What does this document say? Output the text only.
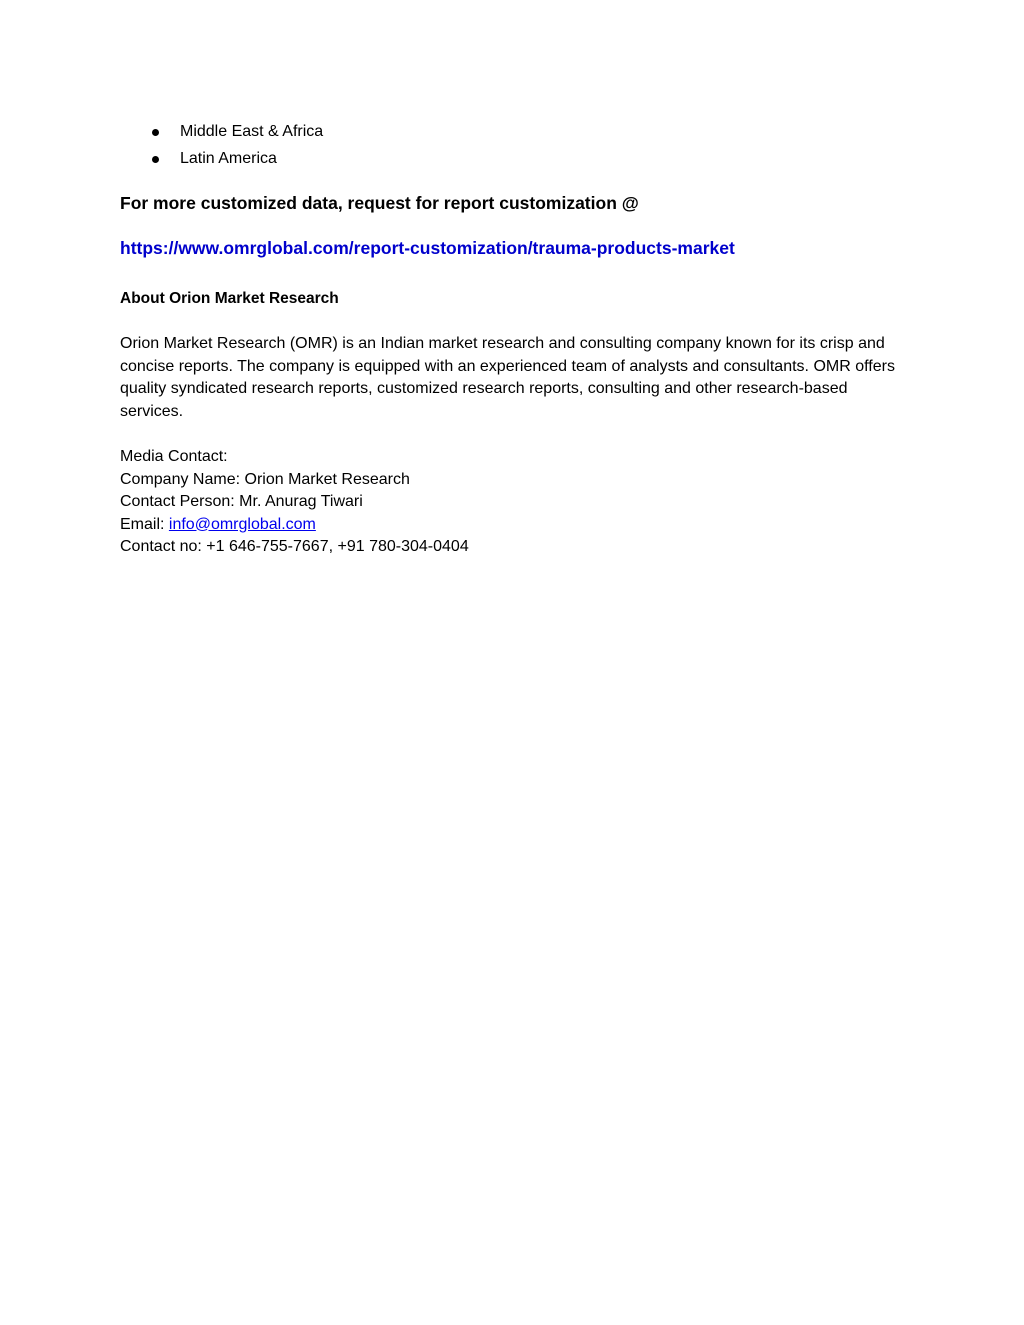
Middle East & Africa
Latin America

For more customized data, request for report customization @

https://www.omrglobal.com/report-customization/trauma-products-market

About Orion Market Research

Orion Market Research (OMR) is an Indian market research and consulting company known for its crisp and concise reports. The company is equipped with an experienced team of analysts and consultants. OMR offers quality syndicated research reports, customized research reports, consulting and other research-based services.

Media Contact:
Company Name: Orion Market Research
Contact Person: Mr. Anurag Tiwari
Email: info@omrglobal.com
Contact no: +1 646-755-7667, +91 780-304-0404
